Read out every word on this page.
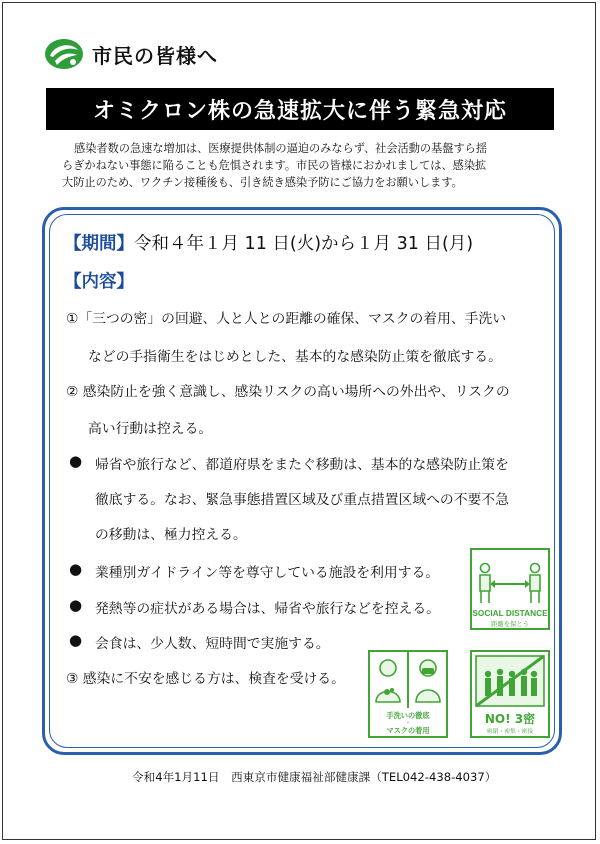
市民の皆様へ
オミクロン株の急速拡大に伴う緊急対応
感染者数の急速な増加は、医療提供体制の逼迫のみならず、社会活動の基盤すら揺
らぎかねない事態に陥ることも危惧されます。市民の皆様におかれましては、感染拡
大防止のため、ワクチン接種後も、引き続き感染予防にご協力をお願いします。
【期間】令和４年１月 11 日(火)から１月 31 日(月)
【内容】
①「三つの密」の回避、人と人との距離の確保、マスクの着用、手洗い
などの手指衛生をはじめとした、基本的な感染防止策を徹底する。
② 感染防止を強く意識し、感染リスクの高い場所への外出や、リスクの
高い行動は控える。
● 帰省や旅行など、都道府県をまたぐ移動は、基本的な感染防止策を
徹底する。なお、緊急事態措置区域及び重点措置区域への不要不急
の移動は、極力控える。
● 業種別ガイドライン等を尊守している施設を利用する。
● 発熱等の症状がある場合は、帰省や旅行などを控える。
● 会食は、少人数、短時間で実施する。
③ 感染に不安を感じる方は、検査を受ける。
SOCIAL DISTANCE
距離を保とう
手洗いの徹底
・
マスクの着用
NO! 3密
密閉・密集・密接
令和4年1月11日　西東京市健康福祉部健康課（TEL042-438-4037）
